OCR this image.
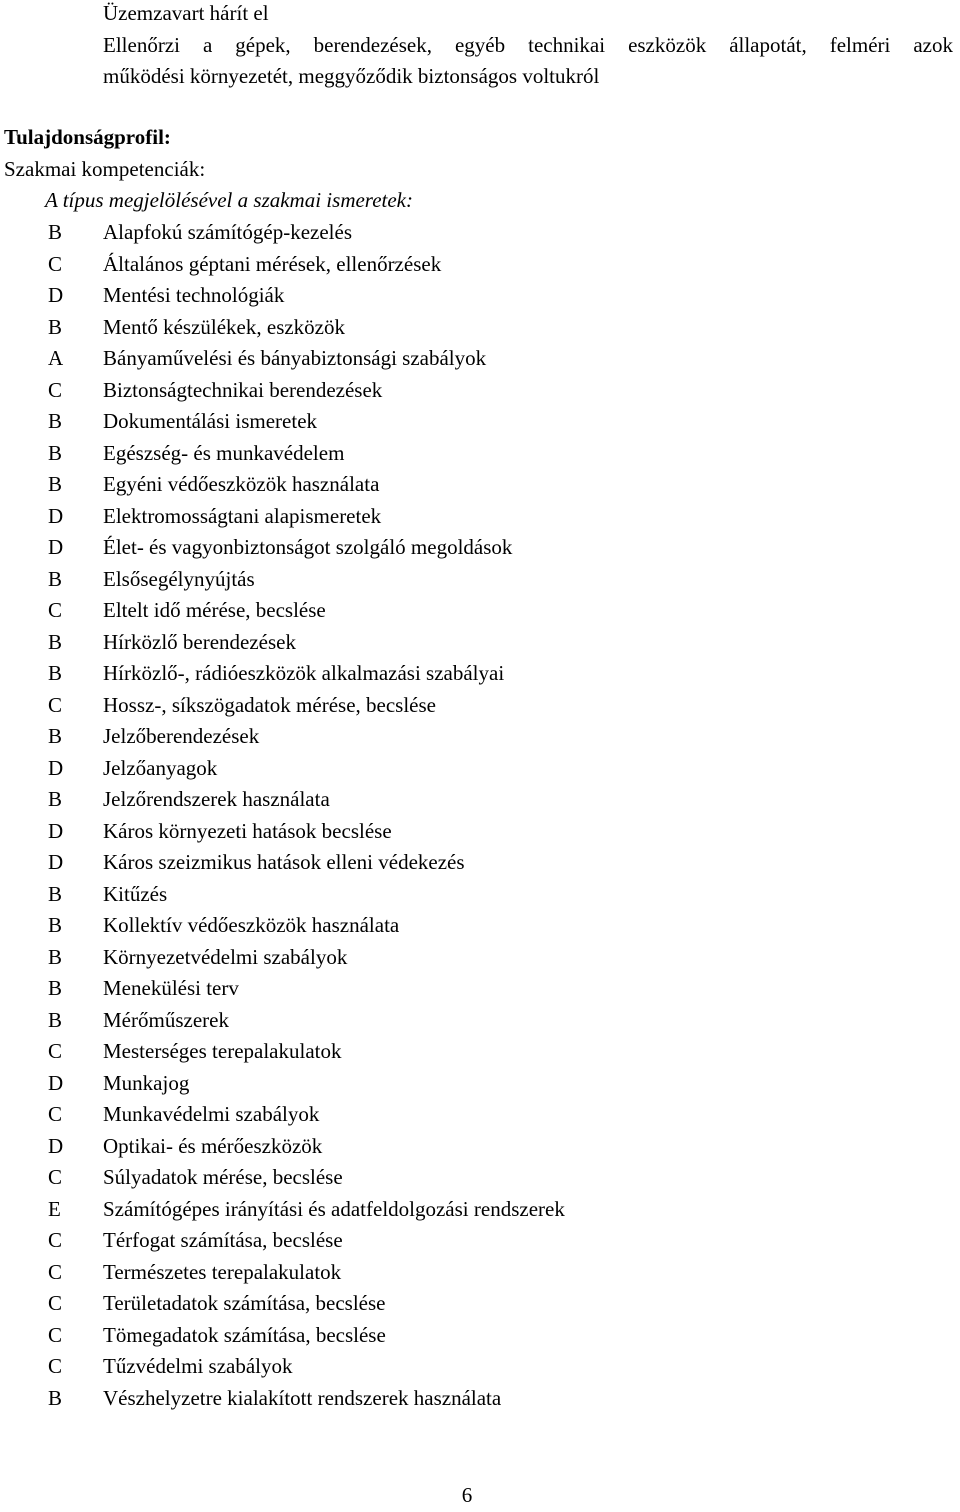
Üzemzavart hárít el
Ellenőrzi a gépek, berendezések, egyéb technikai eszközök állapotát, felméri azok
működési környezetét, meggyőződik biztonságos voltukról
Tulajdonságprofil:
Szakmai kompetenciák:
A típus megjelölésével a szakmai ismeretek:
B	Alapfokú számítógép-kezelés
C	Általános géptani mérések, ellenőrzések
D	Mentési technológiák
B	Mentő készülékek, eszközök
A	Bányaművelési és bányabiztonsági szabályok
C	Biztonságtechnikai berendezések
B	Dokumentálási ismeretek
B	Egészség- és munkavédelem
B	Egyéni védőeszközök használata
D	Elektromosságtani alapismeretek
D	Élet- és vagyonbiztonságot szolgáló megoldások
B	Elsősegélynyújtás
C	Eltelt idő mérése, becslése
B	Hírközlő berendezések
B	Hírközlő-, rádióeszközök alkalmazási szabályai
C	Hossz-, síkszögadatok mérése, becslése
B	Jelzőberendezések
D	Jelzőanyagok
B	Jelzőrendszerek használata
D	Káros környezeti hatások becslése
D	Káros szeizmikus hatások elleni védekezés
B	Kitűzés
B	Kollektív védőeszközök használata
B	Környezetvédelmi szabályok
B	Menekülési terv
B	Mérőműszerek
C	Mesterséges terepalakulatok
D	Munkajog
C	Munkavédelmi szabályok
D	Optikai- és mérőeszközök
C	Súlyadatok mérése, becslése
E	Számítógépes irányítási és adatfeldolgozási rendszerek
C	Térfogat számítása, becslése
C	Természetes terepalakulatok
C	Területadatok számítása, becslése
C	Tömegadatok számítása, becslése
C	Tűzvédelmi szabályok
B	Vészhelyzetre kialakított rendszerek használata
6
